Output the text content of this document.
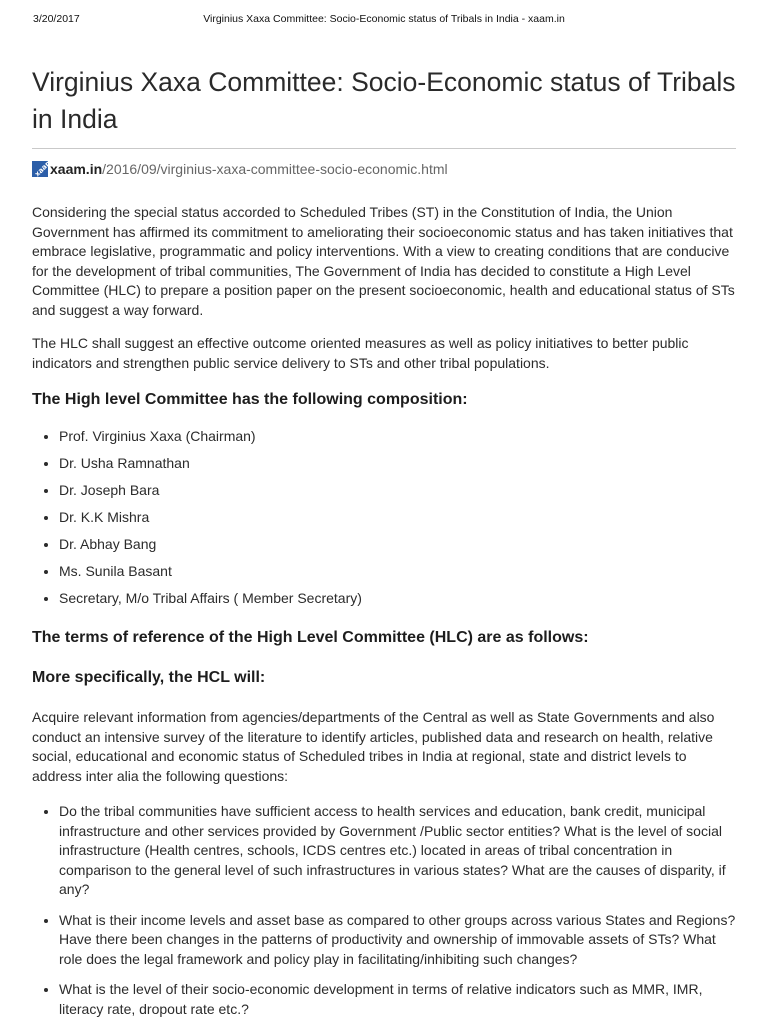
3/20/2017	Virginius Xaxa Committee: Socio-Economic status of Tribals in India - xaam.in
Virginius Xaxa Committee: Socio-Economic status of Tribals in India
xaam
xaam.in /2016/09/virginius-xaxa-committee-socio-economic.html

Considering the special status accorded to Scheduled Tribes (ST) in the Constitution of India, the Union Government has affirmed its commitment to ameliorating their socioeconomic status and has taken initiatives that embrace legislative, programmatic and policy interventions. With a view to creating conditions that are conducive for the development of tribal communities, The Government of India has decided to constitute a High Level Committee (HLC) to prepare a position paper on the present socioeconomic, health and educational status of STs and suggest a way forward.

The HLC shall suggest an effective outcome oriented measures as well as policy initiatives to better public indicators and strengthen public service delivery to STs and other tribal populations.

The High level Committee has the following composition:
• Prof. Virginius Xaxa (Chairman)
• Dr. Usha Ramnathan
• Dr. Joseph Bara
• Dr. K.K Mishra
• Dr. Abhay Bang
• Ms. Sunila Basant
• Secretary, M/o Tribal Affairs ( Member Secretary)
The terms of reference of the High Level Committee (HLC) are as follows:
More specifically, the HCL will:

Acquire relevant information from agencies/departments of the Central as well as State Governments and also conduct an intensive survey of the literature to identify articles, published data and research on health, relative social, educational and economic status of Scheduled tribes in India at regional, state and district levels to address inter alia the following questions:

• Do the tribal communities have sufficient access to health services and education, bank credit, municipal infrastructure and other services provided by Government /Public sector entities? What is the level of social infrastructure (Health centres, schools, ICDS centres etc.) located in areas of tribal concentration in comparison to the general level of such infrastructures in various states? What are the causes of disparity, if any?
• What is their income levels and asset base as compared to other groups across various States and Regions? Have there been changes in the patterns of productivity and ownership of immovable assets of STs? What role does the legal framework and policy play in facilitating/inhibiting such changes?
• What is the level of their socio-economic development in terms of relative indicators such as MMR, IMR, literacy rate, dropout rate etc.?
